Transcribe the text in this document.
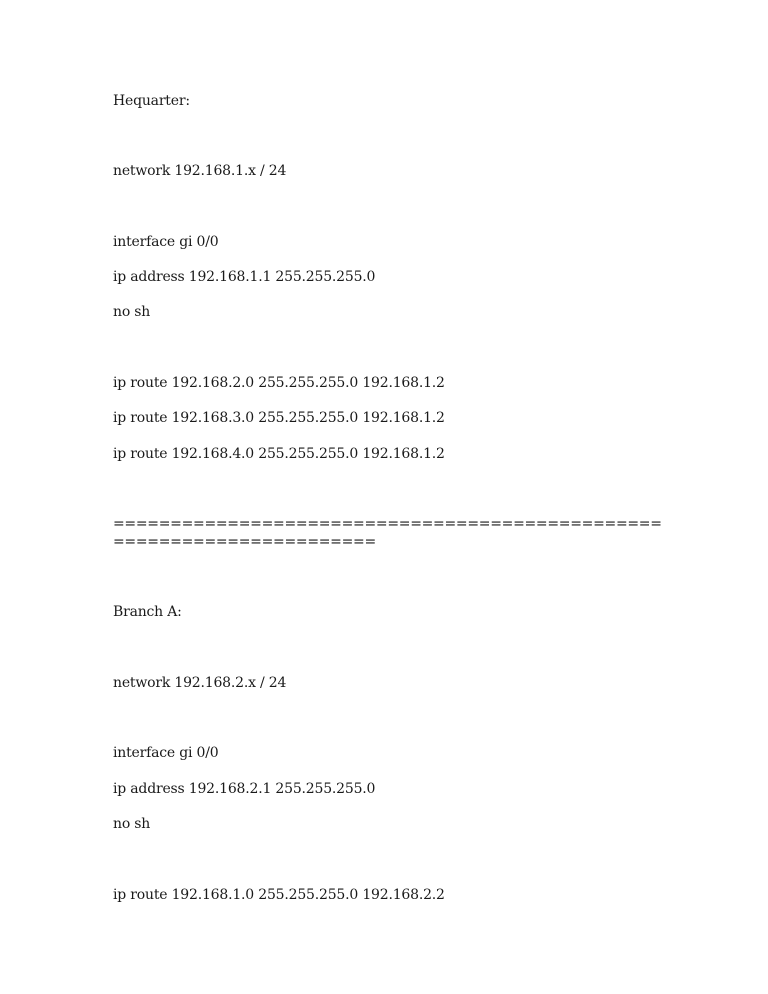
Hequarter:
network 192.168.1.x / 24
interface gi 0/0
ip address 192.168.1.1 255.255.255.0
no sh
ip route 192.168.2.0 255.255.255.0 192.168.1.2
ip route 192.168.3.0 255.255.255.0 192.168.1.2
ip route 192.168.4.0 255.255.255.0 192.168.1.2
=======================================================================
Branch A:
network 192.168.2.x / 24
interface gi 0/0
ip address 192.168.2.1 255.255.255.0
no sh
ip route 192.168.1.0 255.255.255.0 192.168.2.2
